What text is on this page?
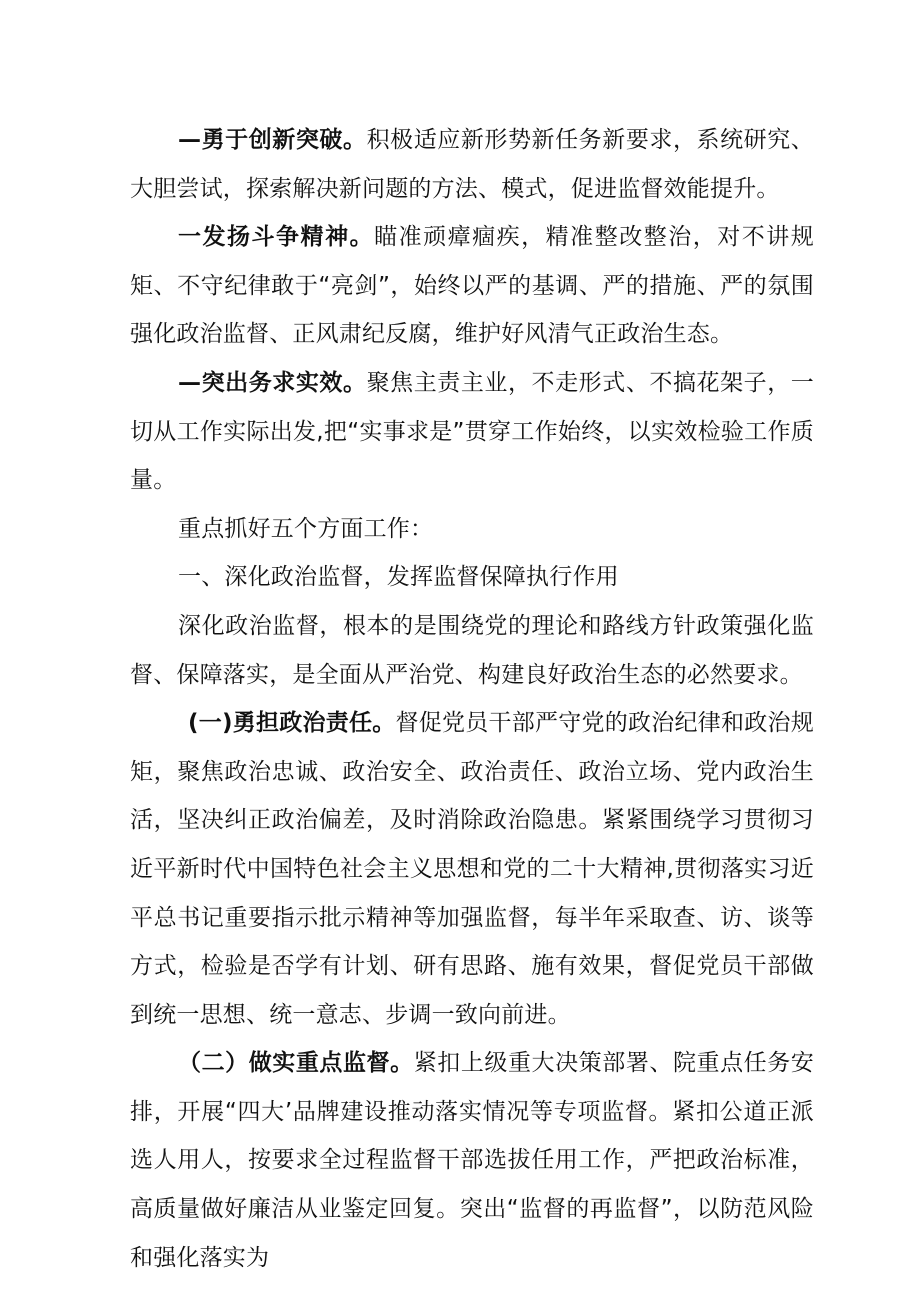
—勇于创新突破。积极适应新形势新任务新要求，系统研究、大胆尝试，探索解决新问题的方法、模式，促进监督效能提升。

一发扬斗争精神。瞄准顽瘴痼疾，精准整改整治，对不讲规矩、不守纪律敢于“亮剑”，始终以严的基调、严的措施、严的氛围强化政治监督、正风肃纪反腐，维护好风清气正政治生态。

—突出务求实效。聚焦主责主业，不走形式、不搞花架子，一切从工作实际出发,把“实事求是”贯穿工作始终，以实效检验工作质量。

重点抓好五个方面工作：

一、深化政治监督，发挥监督保障执行作用

深化政治监督，根本的是围绕党的理论和路线方针政策强化监督、保障落实，是全面从严治党、构建良好政治生态的必然要求。

(一)勇担政治责任。督促党员干部严守党的政治纪律和政治规矩，聚焦政治忠诚、政治安全、政治责任、政治立场、党内政治生活，坚决纠正政治偏差，及时消除政治隐患。紧紧围绕学习贯彻习近平新时代中国特色社会主义思想和党的二十大精神,贯彻落实习近平总书记重要指示批示精神等加强监督，每半年采取查、访、谈等方式，检验是否学有计划、研有思路、施有效果，督促党员干部做到统一思想、统一意志、步调一致向前进。

（二）做实重点监督。紧扣上级重大决策部署、院重点任务安排，开展“四大’品牌建设推动落实情况等专项监督。紧扣公道正派选人用人，按要求全过程监督干部选拔任用工作，严把政治标准，高质量做好廉洁从业鉴定回复。突出“监督的再监督”，以防范风险和强化落实为
